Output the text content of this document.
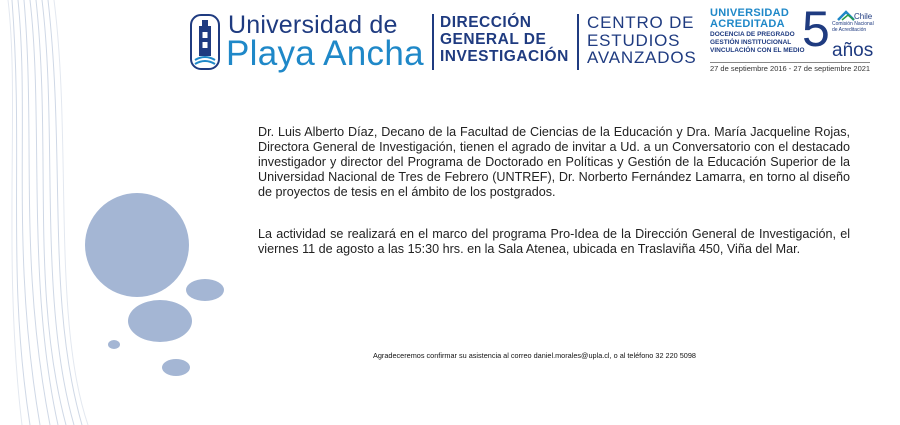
Universidad de
Playa Ancha
DIRECCIÓN
GENERAL DE
INVESTIGACIÓN
CENTRO DE
ESTUDIOS
AVANZADOS
UNIVERSIDAD
ACREDITADA
DOCENCIA DE PREGRADO
GESTIÓN INSTITUCIONAL
VINCULACIÓN CON EL MEDIO
5	Chile
Comisión Nacional
de Acreditación
años
27 de septiembre 2016 - 27 de septiembre 2021
Dr. Luis Alberto Díaz, Decano de la Facultad de Ciencias de la Educación y Dra. María Jacqueline Rojas, Directora General de Investigación, tienen el agrado de invitar a Ud. a un Conversatorio con el destacado investigador y director del Programa de Doctorado en Políticas y Gestión de la Educación Superior de la Universidad Nacional de Tres de Febrero (UNTREF), Dr. Norberto Fernández Lamarra, en torno al diseño de proyectos de tesis en el ámbito de los postgrados.
La actividad se realizará en el marco del programa Pro-Idea de la Dirección General de Investigación, el viernes 11 de agosto a las 15:30 hrs. en la Sala Atenea, ubicada en Traslaviña 450, Viña del Mar.
Agradeceremos confirmar su asistencia al correo daniel.morales@upla.cl, o al teléfono 32 220 5098
